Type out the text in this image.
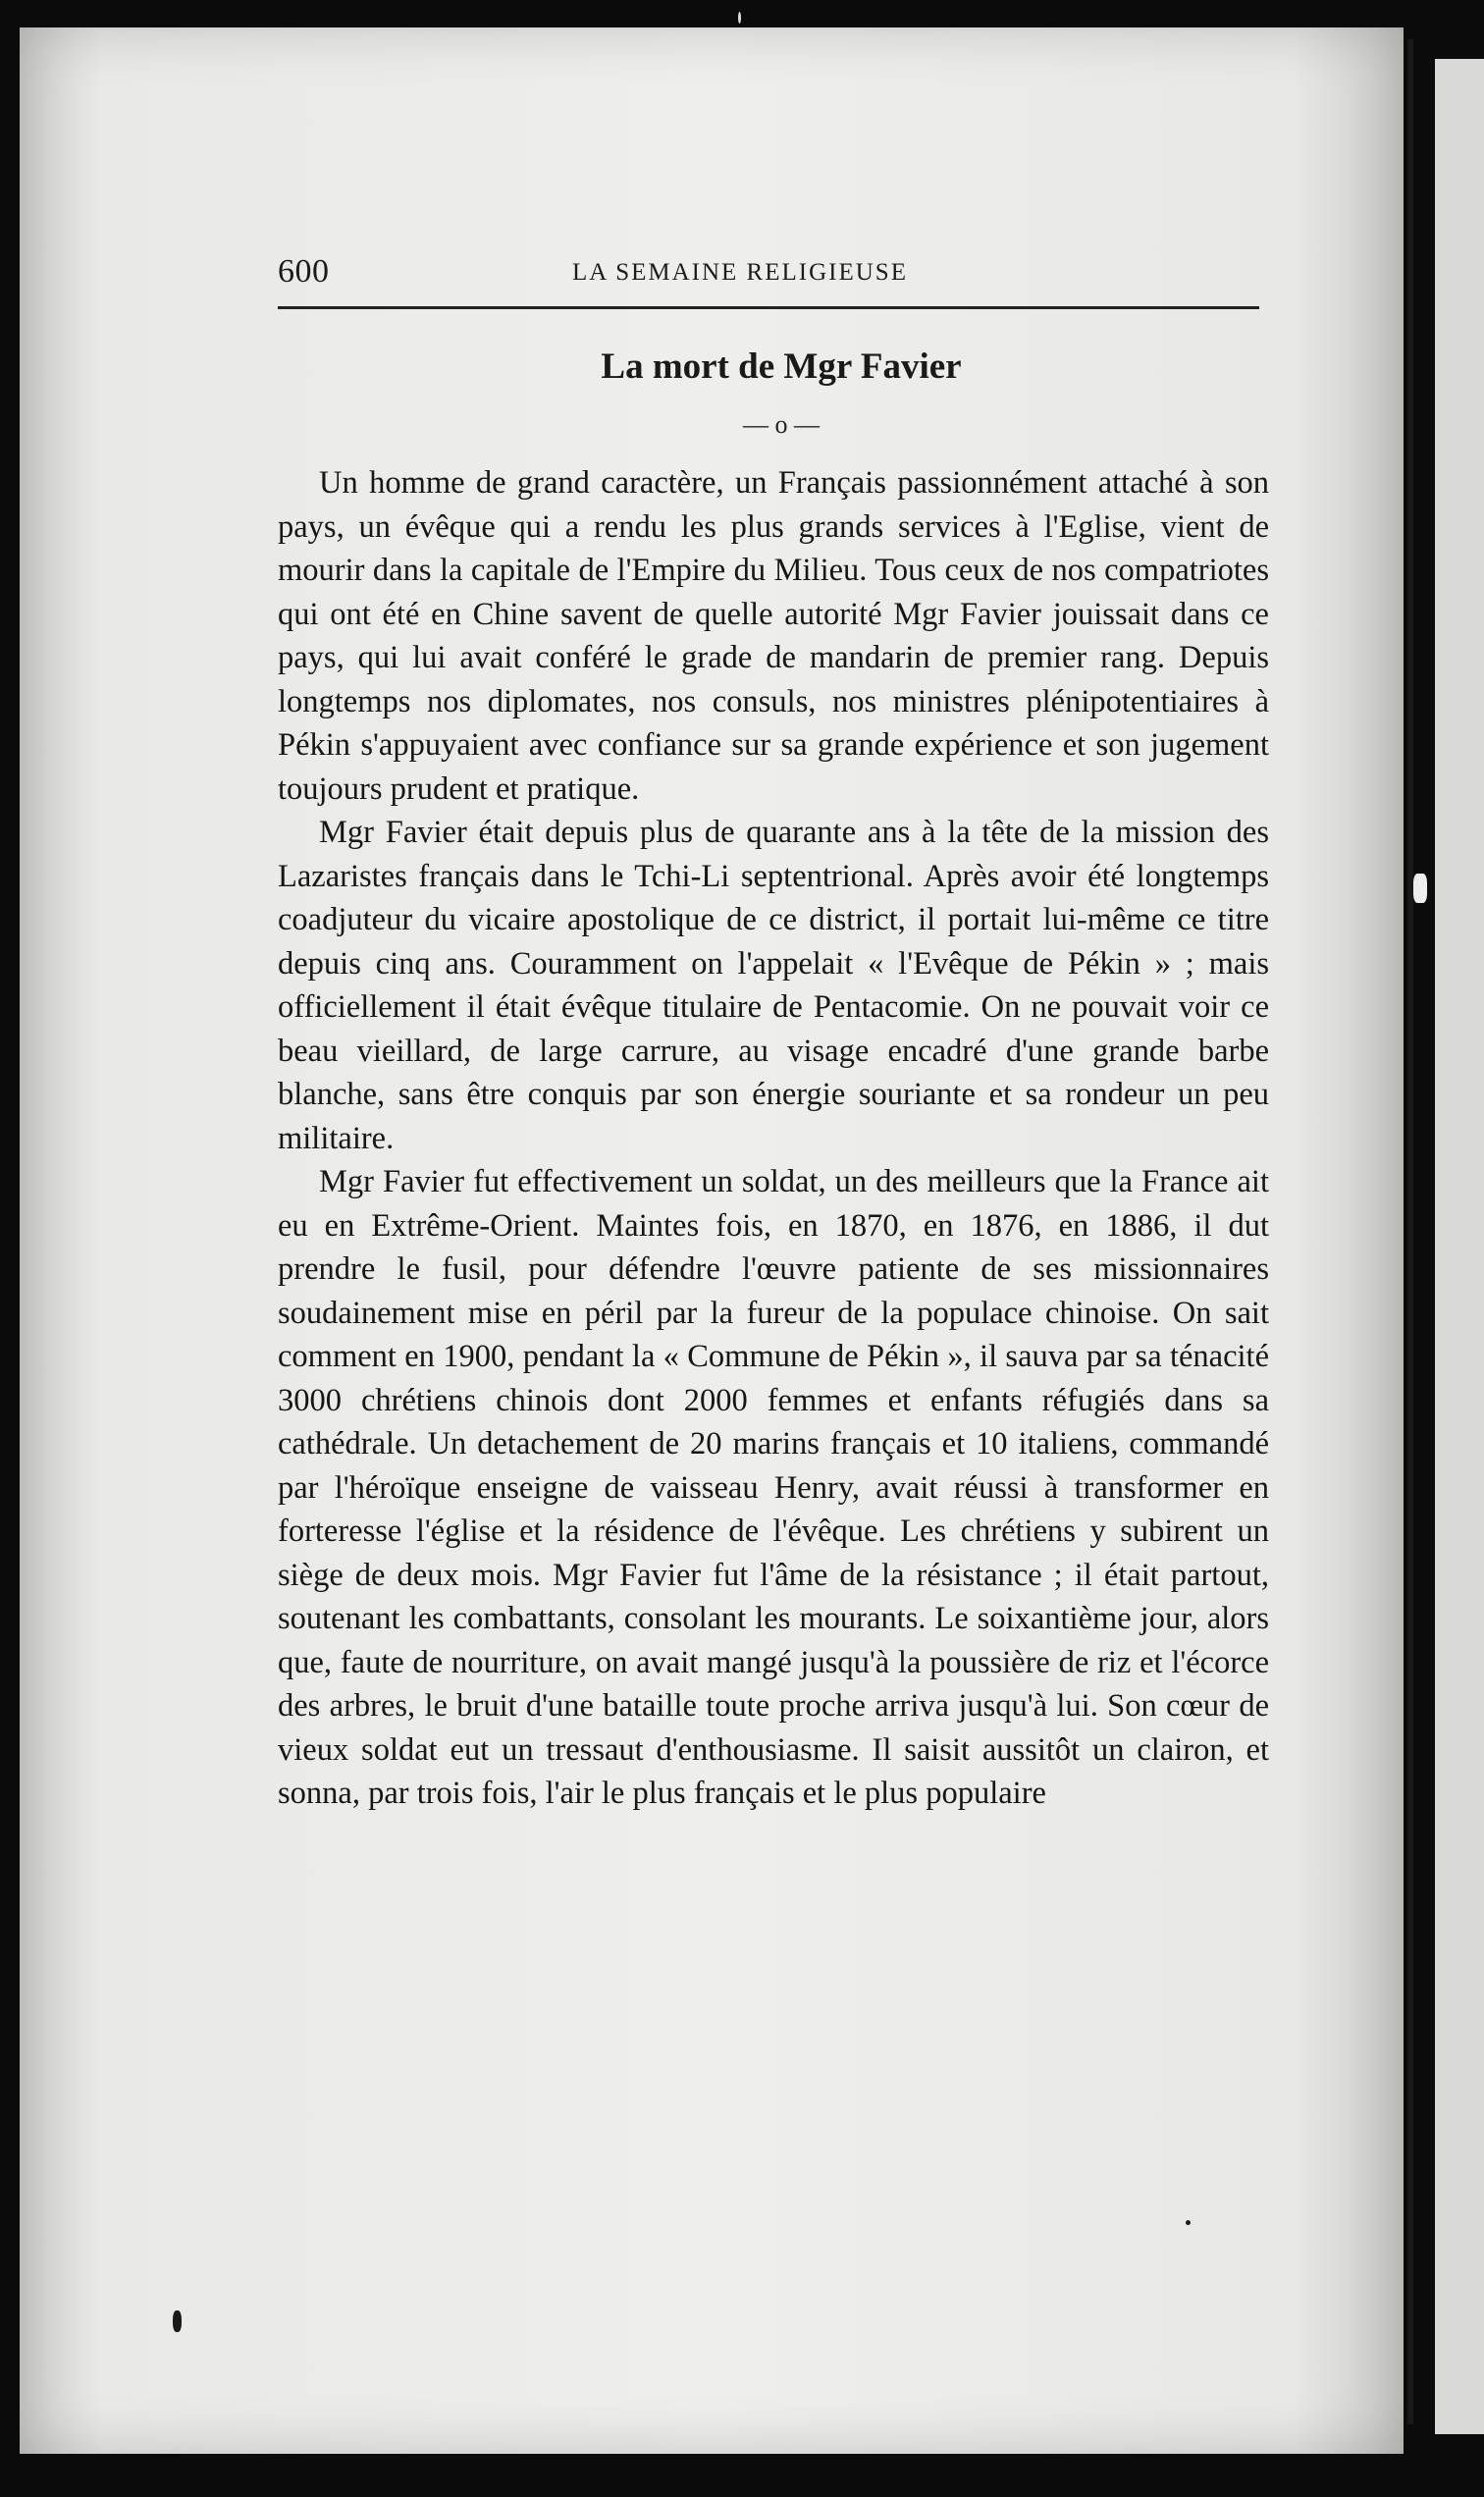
600	LA SEMAINE RELIGIEUSE
La mort de Mgr Favier
— o —

Un homme de grand caractère, un Français passionnément attaché à son pays, un évêque qui a rendu les plus grands services à l'Eglise, vient de mourir dans la capitale de l'Empire du Milieu. Tous ceux de nos compatriotes qui ont été en Chine savent de quelle autorité Mgr Favier jouissait dans ce pays, qui lui avait conféré le grade de mandarin de premier rang. Depuis longtemps nos diplomates, nos consuls, nos ministres plénipotentiaires à Pékin s'appuyaient avec confiance sur sa grande expérience et son jugement toujours prudent et pratique.

Mgr Favier était depuis plus de quarante ans à la tête de la mission des Lazaristes français dans le Tchi-Li septentrional. Après avoir été longtemps coadjuteur du vicaire apostolique de ce district, il portait lui-même ce titre depuis cinq ans. Couramment on l'appelait « l'Evêque de Pékin » ; mais officiellement il était évêque titulaire de Pentacomie. On ne pouvait voir ce beau vieillard, de large carrure, au visage encadré d'une grande barbe blanche, sans être conquis par son énergie souriante et sa rondeur un peu militaire.

Mgr Favier fut effectivement un soldat, un des meilleurs que la France ait eu en Extrême-Orient. Maintes fois, en 1870, en 1876, en 1886, il dut prendre le fusil, pour défendre l'œuvre patiente de ses missionnaires soudainement mise en péril par la fureur de la populace chinoise. On sait comment en 1900, pendant la « Commune de Pékin », il sauva par sa ténacité 3000 chrétiens chinois dont 2000 femmes et enfants réfugiés dans sa cathédrale. Un detachement de 20 marins français et 10 italiens, commandé par l'héroïque enseigne de vaisseau Henry, avait réussi à transformer en forteresse l'église et la résidence de l'évêque. Les chrétiens y subirent un siège de deux mois. Mgr Favier fut l'âme de la résistance ; il était partout, soutenant les combattants, consolant les mourants. Le soixantième jour, alors que, faute de nourriture, on avait mangé jusqu'à la poussière de riz et l'écorce des arbres, le bruit d'une bataille toute proche arriva jusqu'à lui. Son cœur de vieux soldat eut un tressaut d'enthousiasme. Il saisit aussitôt un clairon, et sonna, par trois fois, l'air le plus français et le plus populaire
